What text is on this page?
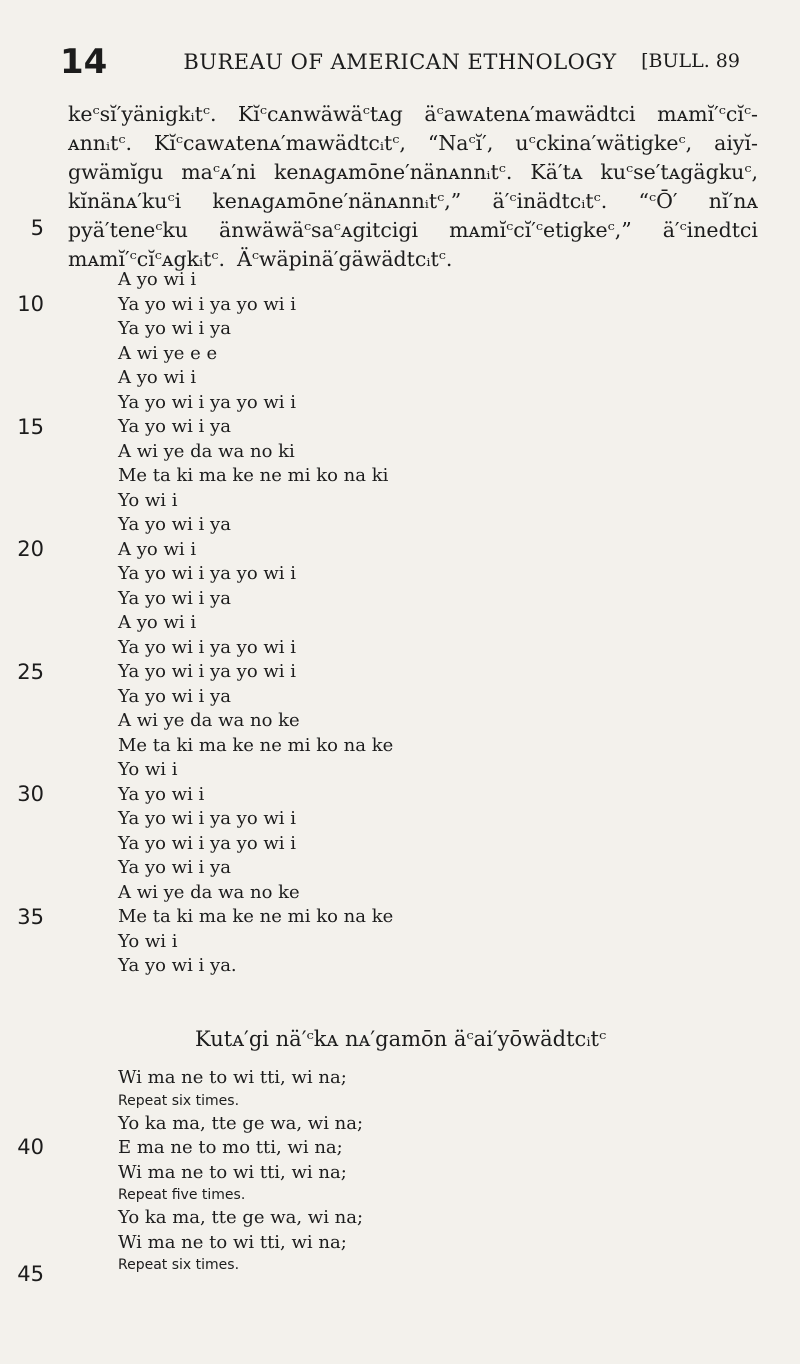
14	BUREAU OF AMERICAN ETHNOLOGY	[BULL. 89
keᶜsĭ′yänigkᵢtᶜ. Kĭᶜcᴀnwäwäᶜtᴀg äᶜawᴀtenᴀ′mawädtci mᴀmĭ′ᶜcĭᶜ-
ᴀnnᵢtᶜ. Kĭᶜcawᴀtenᴀ′mawädtcᵢtᶜ, “Naᶜĭ′, uᶜckina′wätigkeᶜ, aiyĭ-
gwämĭgu maᶜᴀ′ni kenᴀgᴀmōne′nänᴀnnᵢtᶜ. Kä′tᴀ kuᶜse′tᴀgägkuᶜ,
kĭnänᴀ′kuᶜi kenᴀgᴀmōne′nänᴀnnᵢtᶜ,” ä′ᶜinädtcᵢtᶜ. “ᶜŌ′ nĭ′nᴀ
pyä′teneᶜku änwäwäᶜsaᶜᴀgitcigi mᴀmĭᶜcĭ′ᶜetigkeᶜ,” ä′ᶜinedtci
mᴀmĭ′ᶜcĭᶜᴀgkᵢtᶜ. Äᶜwäpinä′gäwädtcᵢtᶜ.
A yo wi i
Ya yo wi i ya yo wi i
Ya yo wi i ya
A wi ye e e
A yo wi i
Ya yo wi i ya yo wi i
Ya yo wi i ya
A wi ye da wa no ki
Me ta ki ma ke ne mi ko na ki
Yo wi i
Ya yo wi i ya
A yo wi i
Ya yo wi i ya yo wi i
Ya yo wi i ya
A yo wi i
Ya yo wi i ya yo wi i
Ya yo wi i ya yo wi i
Ya yo wi i ya
A wi ye da wa no ke
Me ta ki ma ke ne mi ko na ke
Yo wi i
Ya yo wi i
Ya yo wi i ya yo wi i
Ya yo wi i ya yo wi i
Ya yo wi i ya
A wi ye da wa no ke
Me ta ki ma ke ne mi ko na ke
Yo wi i
Ya yo wi i ya.
Kutᴀ′gi nä′ᶜkᴀ nᴀ′gamōn äᶜai′yōwädtcᵢtᶜ
Wi ma ne to wi tti, wi na;
Repeat six times.
Yo ka ma, tte ge wa, wi na;
E ma ne to mo tti, wi na;
Wi ma ne to wi tti, wi na;
Repeat five times.
Yo ka ma, tte ge wa, wi na;
Wi ma ne to wi tti, wi na;
Repeat six times.
5
10
15
20
25
30
35
40
45
